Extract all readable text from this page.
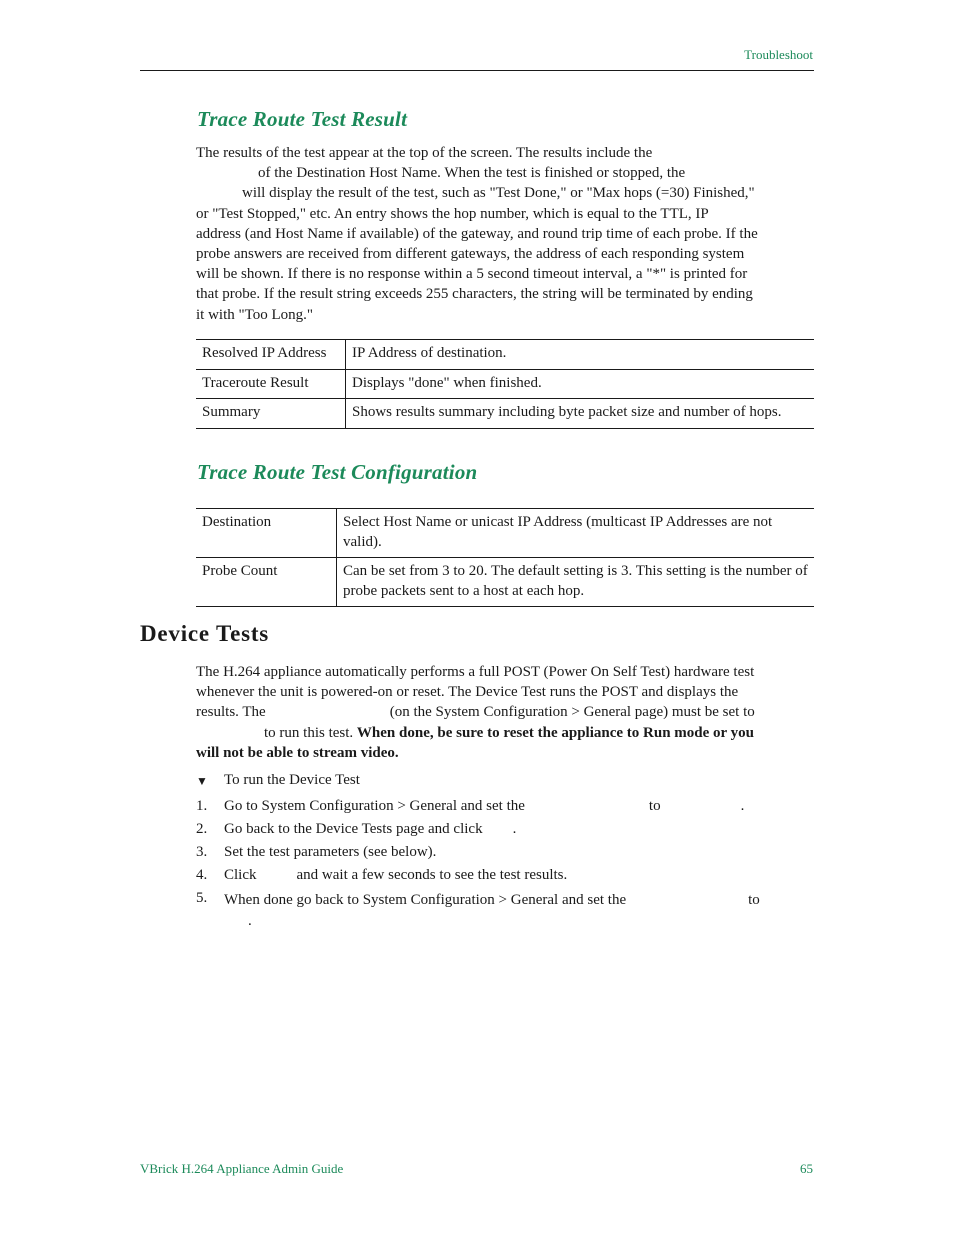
Troubleshoot
Trace Route Test Result
The results of the test appear at the top of the screen. The results include the
of the Destination Host Name. When the test is finished or stopped, the
will display the result of the test, such as "Test Done," or "Max hops (=30) Finished,"
or "Test Stopped," etc. An entry shows the hop number, which is equal to the TTL, IP
address (and Host Name if available) of the gateway, and round trip time of each probe. If the
probe answers are received from different gateways, the address of each responding system
will be shown. If there is no response within a 5 second timeout interval, a "*" is printed for
that probe. If the result string exceeds 255 characters, the string will be terminated by ending
it with "Too Long."
Resolved IP Address	IP Address of destination.
Traceroute Result	Displays "done" when finished.
Summary	Shows results summary including byte packet size and number of hops.
Trace Route Test Configuration
Destination	Select Host Name or unicast IP Address (multicast IP Addresses are not valid).
Probe Count	Can be set from 3 to 20. The default setting is 3. This setting is the number of probe packets sent to a host at each hop.
Device Tests
The H.264 appliance automatically performs a full POST (Power On Self Test) hardware test
whenever the unit is powered-on or reset. The Device Test runs the POST and displays the
results. The	(on the System Configuration > General page) must be set to
to run this test. When done, be sure to reset the appliance to Run mode or you
will not be able to stream video.
▼ To run the Device Test
1. Go to System Configuration > General and set the	to	.
2. Go back to the Device Tests page and click .
3. Set the test parameters (see below).
4. Click	and wait a few seconds to see the test results.
5. When done go back to System Configuration > General and set the	to
.
VBrick H.264 Appliance Admin Guide	65
